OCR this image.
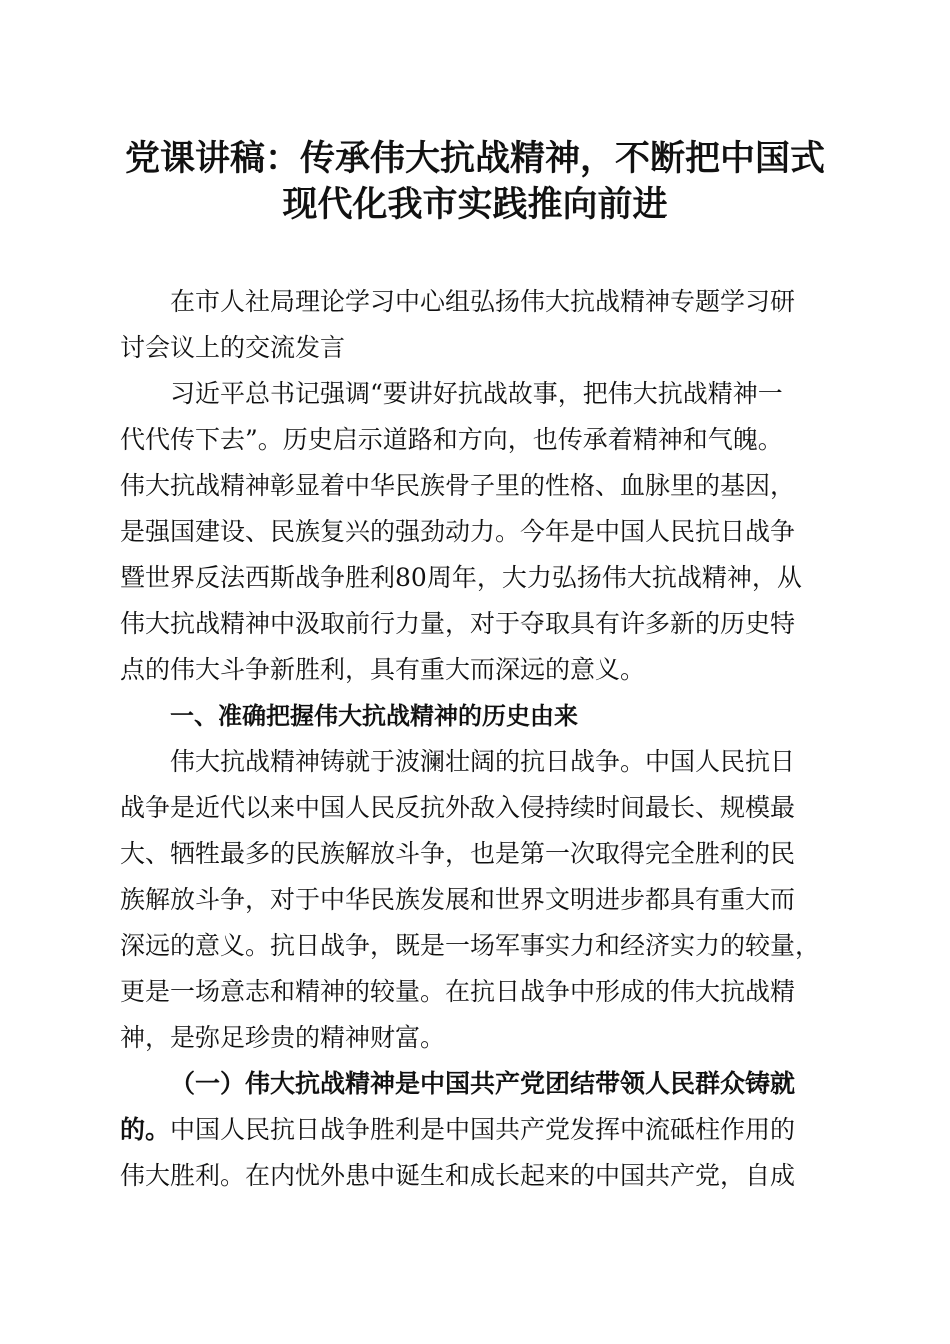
党课讲稿：传承伟大抗战精神，不断把中国式
现代化我市实践推向前进
在市人社局理论学习中心组弘扬伟大抗战精神专题学习研
讨会议上的交流发言
习近平总书记强调“要讲好抗战故事，把伟大抗战精神一
代代传下去”。历史启示道路和方向，也传承着精神和气魄。
伟大抗战精神彰显着中华民族骨子里的性格、血脉里的基因，
是强国建设、民族复兴的强劲动力。今年是中国人民抗日战争
暨世界反法西斯战争胜利80周年，大力弘扬伟大抗战精神，从
伟大抗战精神中汲取前行力量，对于夺取具有许多新的历史特
点的伟大斗争新胜利，具有重大而深远的意义。
一、准确把握伟大抗战精神的历史由来
伟大抗战精神铸就于波澜壮阔的抗日战争。中国人民抗日
战争是近代以来中国人民反抗外敌入侵持续时间最长、规模最
大、牺牲最多的民族解放斗争，也是第一次取得完全胜利的民
族解放斗争，对于中华民族发展和世界文明进步都具有重大而
深远的意义。抗日战争，既是一场军事实力和经济实力的较量，
更是一场意志和精神的较量。在抗日战争中形成的伟大抗战精
神，是弥足珍贵的精神财富。
（一）伟大抗战精神是中国共产党团结带领人民群众铸就
的。中国人民抗日战争胜利是中国共产党发挥中流砥柱作用的
伟大胜利。在内忧外患中诞生和成长起来的中国共产党，自成
